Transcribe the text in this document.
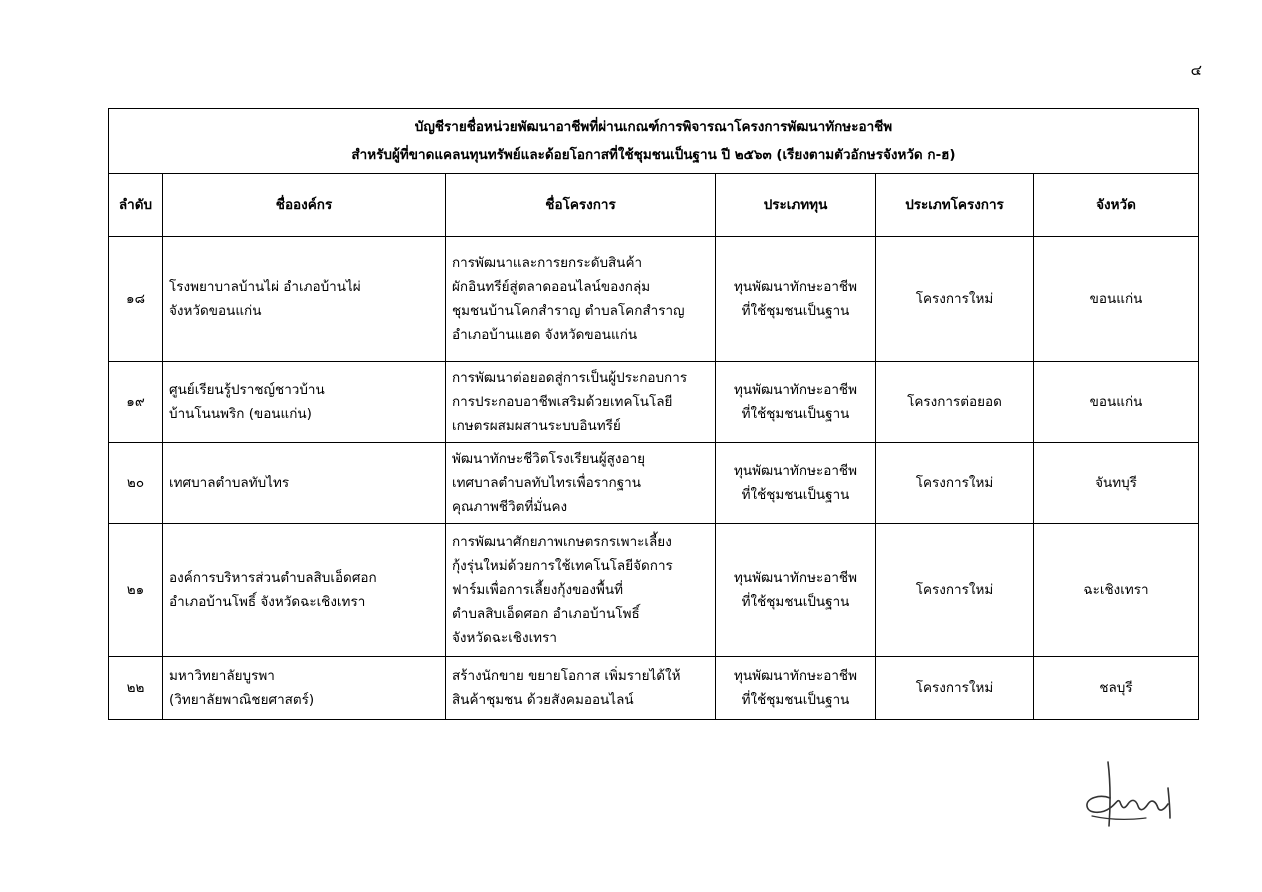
๔
บัญชีรายชื่อหน่วยพัฒนาอาชีพที่ผ่านเกณฑ์การพิจารณาโครงการพัฒนาทักษะอาชีพ
สำหรับผู้ที่ขาดแคลนทุนทรัพย์และด้อยโอกาสที่ใช้ชุมชนเป็นฐาน ปี ๒๕๖๓ (เรียงตามตัวอักษรจังหวัด ก-ฮ)					

ลำดับ	ชื่อองค์กร	ชื่อโครงการ	ประเภททุน	ประเภทโครงการ	จังหวัด
๑๘	โรงพยาบาลบ้านไผ่ อำเภอบ้านไผ่
จังหวัดขอนแก่น	การพัฒนาและการยกระดับสินค้า
ผักอินทรีย์สู่ตลาดออนไลน์ของกลุ่ม
ชุมชนบ้านโคกสำราญ ตำบลโคกสำราญ
อำเภอบ้านแฮด จังหวัดขอนแก่น	ทุนพัฒนาทักษะอาชีพ
ที่ใช้ชุมชนเป็นฐาน	โครงการใหม่	ขอนแก่น
๑๙	ศูนย์เรียนรู้ปราชญ์ชาวบ้าน
บ้านโนนพริก (ขอนแก่น)	การพัฒนาต่อยอดสู่การเป็นผู้ประกอบการ
การประกอบอาชีพเสริมด้วยเทคโนโลยี
เกษตรผสมผสานระบบอินทรีย์	ทุนพัฒนาทักษะอาชีพ
ที่ใช้ชุมชนเป็นฐาน	โครงการต่อยอด	ขอนแก่น
๒๐	เทศบาลตำบลทับไทร	พัฒนาทักษะชีวิตโรงเรียนผู้สูงอายุ
เทศบาลตำบลทับไทรเพื่อรากฐาน
คุณภาพชีวิตที่มั่นคง	ทุนพัฒนาทักษะอาชีพ
ที่ใช้ชุมชนเป็นฐาน	โครงการใหม่	จันทบุรี
๒๑	องค์การบริหารส่วนตำบลสิบเอ็ดศอก
อำเภอบ้านโพธิ์ จังหวัดฉะเชิงเทรา	การพัฒนาศักยภาพเกษตรกรเพาะเลี้ยง
กุ้งรุ่นใหม่ด้วยการใช้เทคโนโลยีจัดการ
ฟาร์มเพื่อการเลี้ยงกุ้งของพื้นที่
ตำบลสิบเอ็ดศอก อำเภอบ้านโพธิ์
จังหวัดฉะเชิงเทรา	ทุนพัฒนาทักษะอาชีพ
ที่ใช้ชุมชนเป็นฐาน	โครงการใหม่	ฉะเชิงเทรา
๒๒	มหาวิทยาลัยบูรพา
(วิทยาลัยพาณิชยศาสตร์)	สร้างนักขาย ขยายโอกาส เพิ่มรายได้ให้
สินค้าชุมชน ด้วยสังคมออนไลน์	ทุนพัฒนาทักษะอาชีพ
ที่ใช้ชุมชนเป็นฐาน	โครงการใหม่	ชลบุรี
